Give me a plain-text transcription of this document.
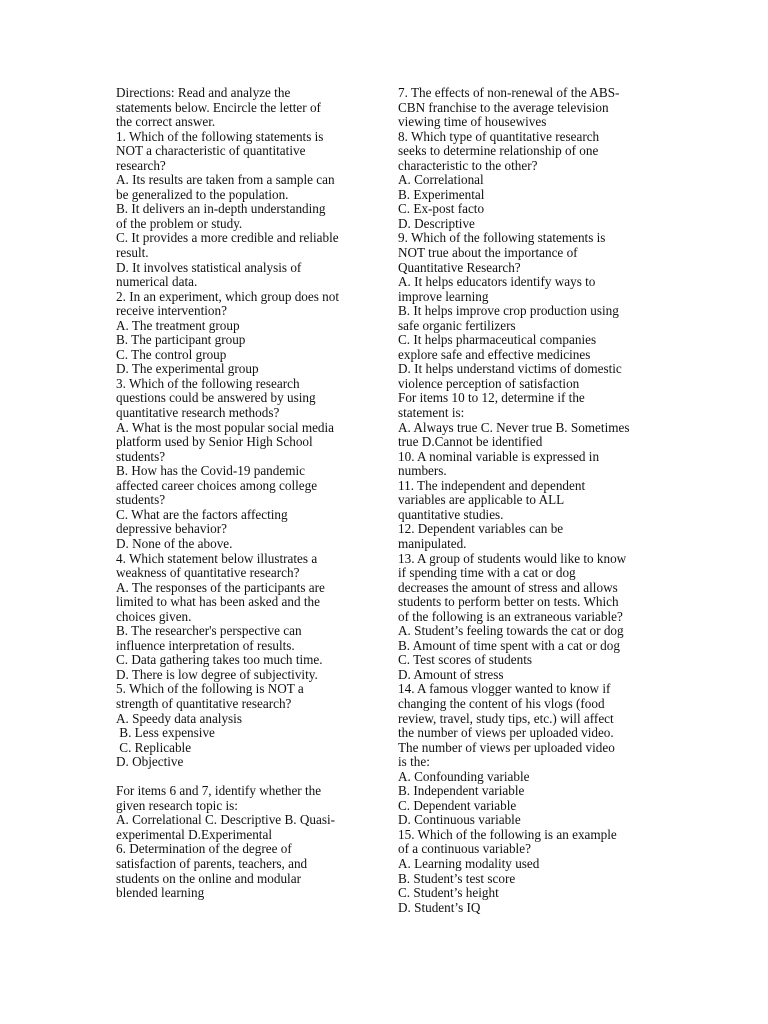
Directions: Read and analyze the
statements below. Encircle the letter of
the correct answer.
1. Which of the following statements is
NOT a characteristic of quantitative
research?
A. Its results are taken from a sample can
be generalized to the population.
B. It delivers an in-depth understanding
of the problem or study.
C. It provides a more credible and reliable
result.
D. It involves statistical analysis of
numerical data.
2. In an experiment, which group does not
receive intervention?
A. The treatment group
B. The participant group
C. The control group
D. The experimental group
3. Which of the following research
questions could be answered by using
quantitative research methods?
A. What is the most popular social media
platform used by Senior High School
students?
B. How has the Covid-19 pandemic
affected career choices among college
students?
C. What are the factors affecting
depressive behavior?
D. None of the above.
4. Which statement below illustrates a
weakness of quantitative research?
A. The responses of the participants are
limited to what has been asked and the
choices given.
B. The researcher's perspective can
influence interpretation of results.
C. Data gathering takes too much time.
D. There is low degree of subjectivity.
5. Which of the following is NOT a
strength of quantitative research?
A. Speedy data analysis
B. Less expensive
C. Replicable
D. Objective
For items 6 and 7, identify whether the
given research topic is:
A. Correlational C. Descriptive B. Quasi-
experimental D.Experimental
6. Determination of the degree of
satisfaction of parents, teachers, and
students on the online and modular
blended learning
7. The effects of non-renewal of the ABS-
CBN franchise to the average television
viewing time of housewives
8. Which type of quantitative research
seeks to determine relationship of one
characteristic to the other?
A. Correlational
B. Experimental
C. Ex-post facto
D. Descriptive
9. Which of the following statements is
NOT true about the importance of
Quantitative Research?
A. It helps educators identify ways to
improve learning
B. It helps improve crop production using
safe organic fertilizers
C. It helps pharmaceutical companies
explore safe and effective medicines
D. It helps understand victims of domestic
violence perception of satisfaction
For items 10 to 12, determine if the
statement is:
A. Always true C. Never true B. Sometimes
true D.Cannot be identified
10. A nominal variable is expressed in
numbers.
11. The independent and dependent
variables are applicable to ALL
quantitative studies.
12. Dependent variables can be
manipulated.
13. A group of students would like to know
if spending time with a cat or dog
decreases the amount of stress and allows
students to perform better on tests. Which
of the following is an extraneous variable?
A. Student’s feeling towards the cat or dog
B. Amount of time spent with a cat or dog
C. Test scores of students
D. Amount of stress
14. A famous vlogger wanted to know if
changing the content of his vlogs (food
review, travel, study tips, etc.) will affect
the number of views per uploaded video.
The number of views per uploaded video
is the:
A. Confounding variable
B. Independent variable
C. Dependent variable
D. Continuous variable
15. Which of the following is an example
of a continuous variable?
A. Learning modality used
B. Student’s test score
C. Student’s height
D. Student’s IQ
